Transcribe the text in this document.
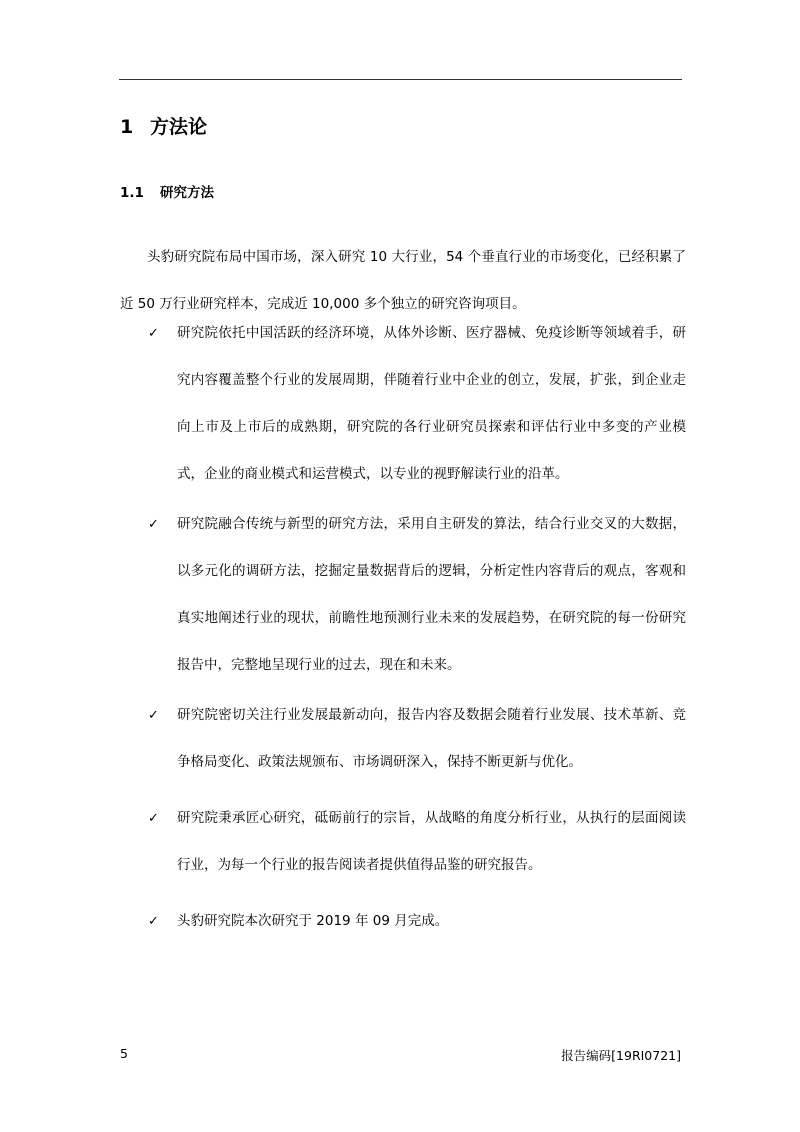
1 方法论
1.1 研究方法

头豹研究院布局中国市场，深入研究 10 大行业，54 个垂直行业的市场变化，已经积累了近 50 万行业研究样本，完成近 10,000 多个独立的研究咨询项目。

✓ 研究院依托中国活跃的经济环境，从体外诊断、医疗器械、免疫诊断等领域着手，研究内容覆盖整个行业的发展周期，伴随着行业中企业的创立，发展，扩张，到企业走向上市及上市后的成熟期，研究院的各行业研究员探索和评估行业中多变的产业模式，企业的商业模式和运营模式，以专业的视野解读行业的沿革。

✓ 研究院融合传统与新型的研究方法，采用自主研发的算法，结合行业交叉的大数据，以多元化的调研方法，挖掘定量数据背后的逻辑，分析定性内容背后的观点，客观和真实地阐述行业的现状，前瞻性地预测行业未来的发展趋势，在研究院的每一份研究报告中，完整地呈现行业的过去，现在和未来。

✓ 研究院密切关注行业发展最新动向，报告内容及数据会随着行业发展、技术革新、竞争格局变化、政策法规颁布、市场调研深入，保持不断更新与优化。

✓ 研究院秉承匠心研究，砥砺前行的宗旨，从战略的角度分析行业，从执行的层面阅读行业，为每一个行业的报告阅读者提供值得品鉴的研究报告。

✓ 头豹研究院本次研究于 2019 年 09 月完成。

5	报告编码[19RI0721]
